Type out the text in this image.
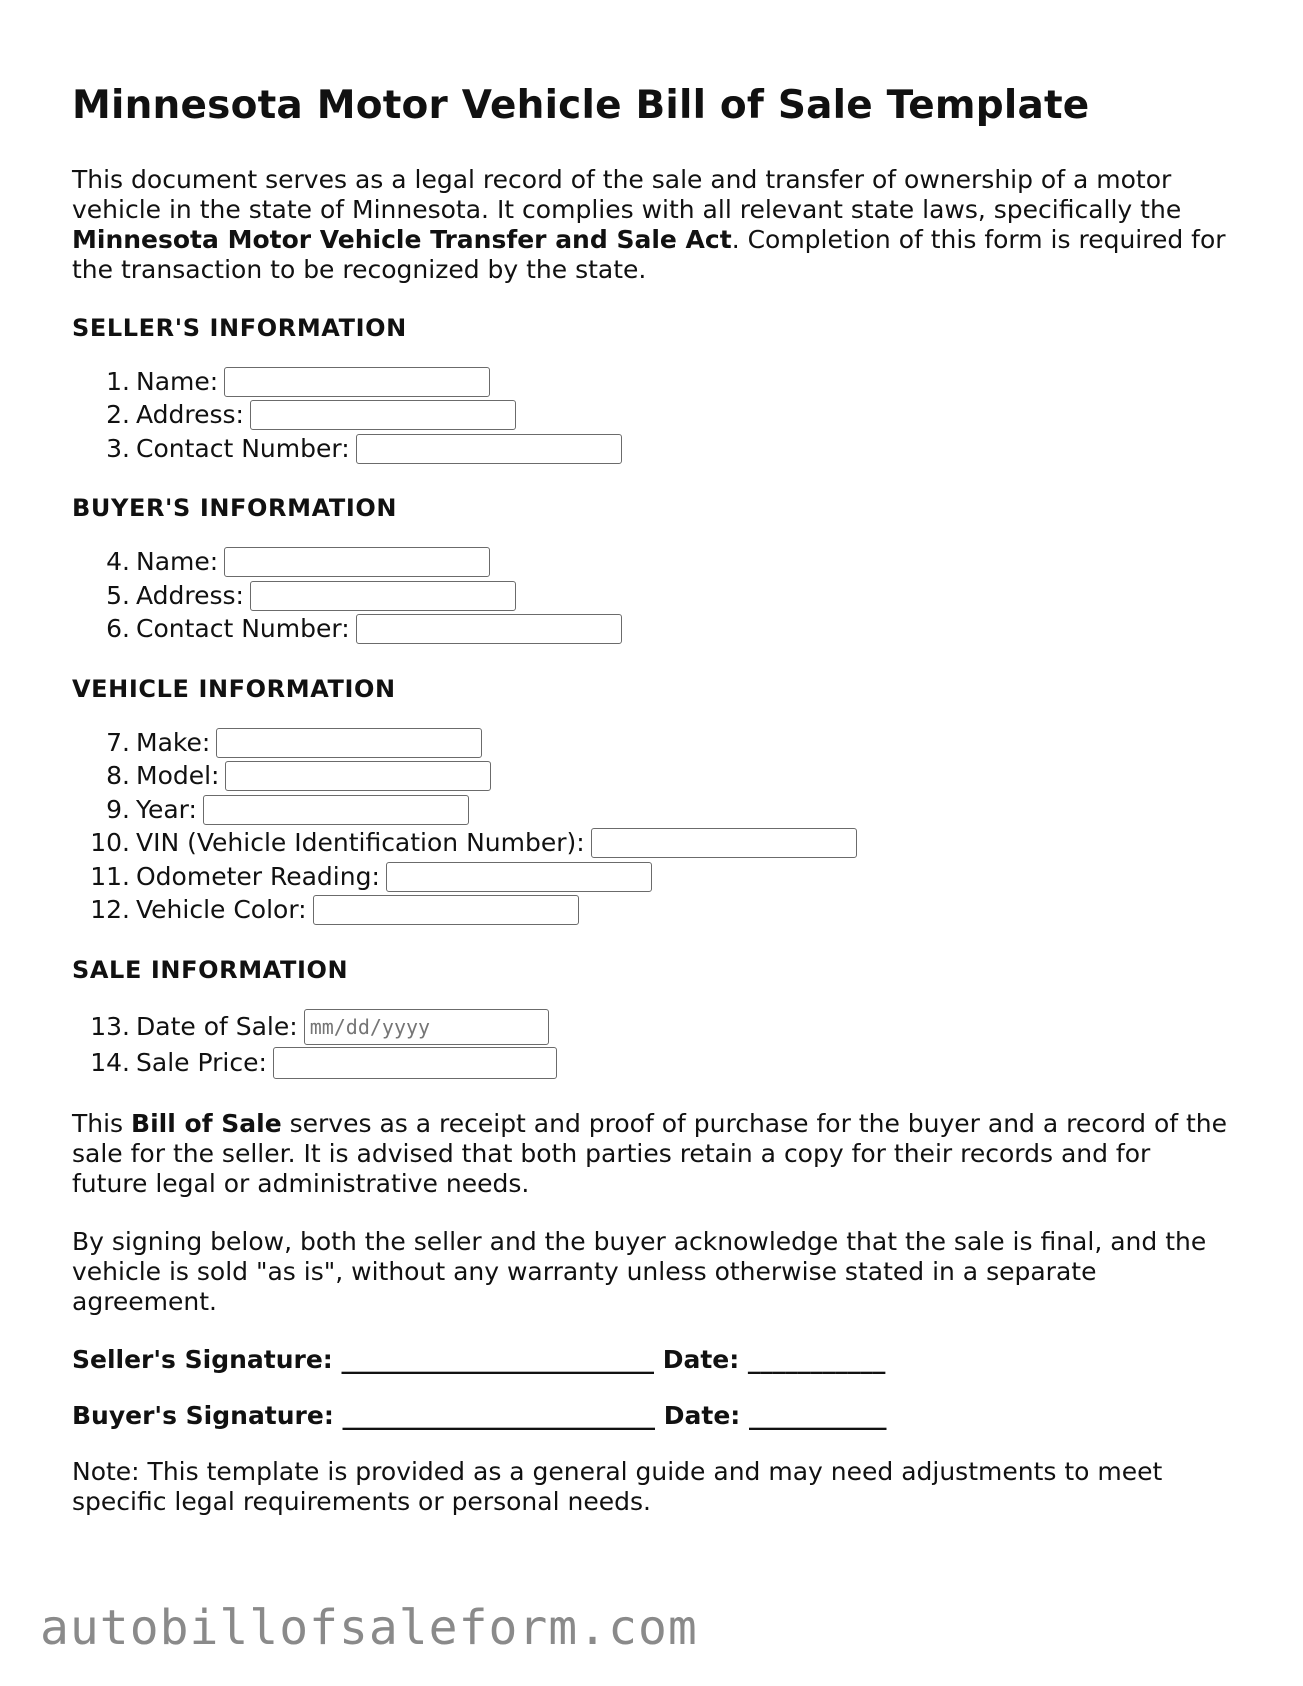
Minnesota Motor Vehicle Bill of Sale Template

This document serves as a legal record of the sale and transfer of ownership of a motor vehicle in the state of Minnesota. It complies with all relevant state laws, specifically the Minnesota Motor Vehicle Transfer and Sale Act. Completion of this form is required for the transaction to be recognized by the state.

SELLER'S INFORMATION
1. Name:
2. Address:
3. Contact Number:
BUYER'S INFORMATION
4. Name:
5. Address:
6. Contact Number:
VEHICLE INFORMATION
7. Make:
8. Model:
9. Year:
10. VIN (Vehicle Identification Number):
11. Odometer Reading:
12. Vehicle Color:
SALE INFORMATION
13. Date of Sale:
mm/dd/yyyy
14. Sale Price:

This Bill of Sale serves as a receipt and proof of purchase for the buyer and a record of the sale for the seller. It is advised that both parties retain a copy for their records and for future legal or administrative needs.

By signing below, both the seller and the buyer acknowledge that the sale is final, and the vehicle is sold "as is", without any warranty unless otherwise stated in a separate agreement.

Seller's Signature: _________________________ Date: ___________
Buyer's Signature: _________________________ Date: ___________

Note: This template is provided as a general guide and may need adjustments to meet specific legal requirements or personal needs.

autobillofsaleform.com
